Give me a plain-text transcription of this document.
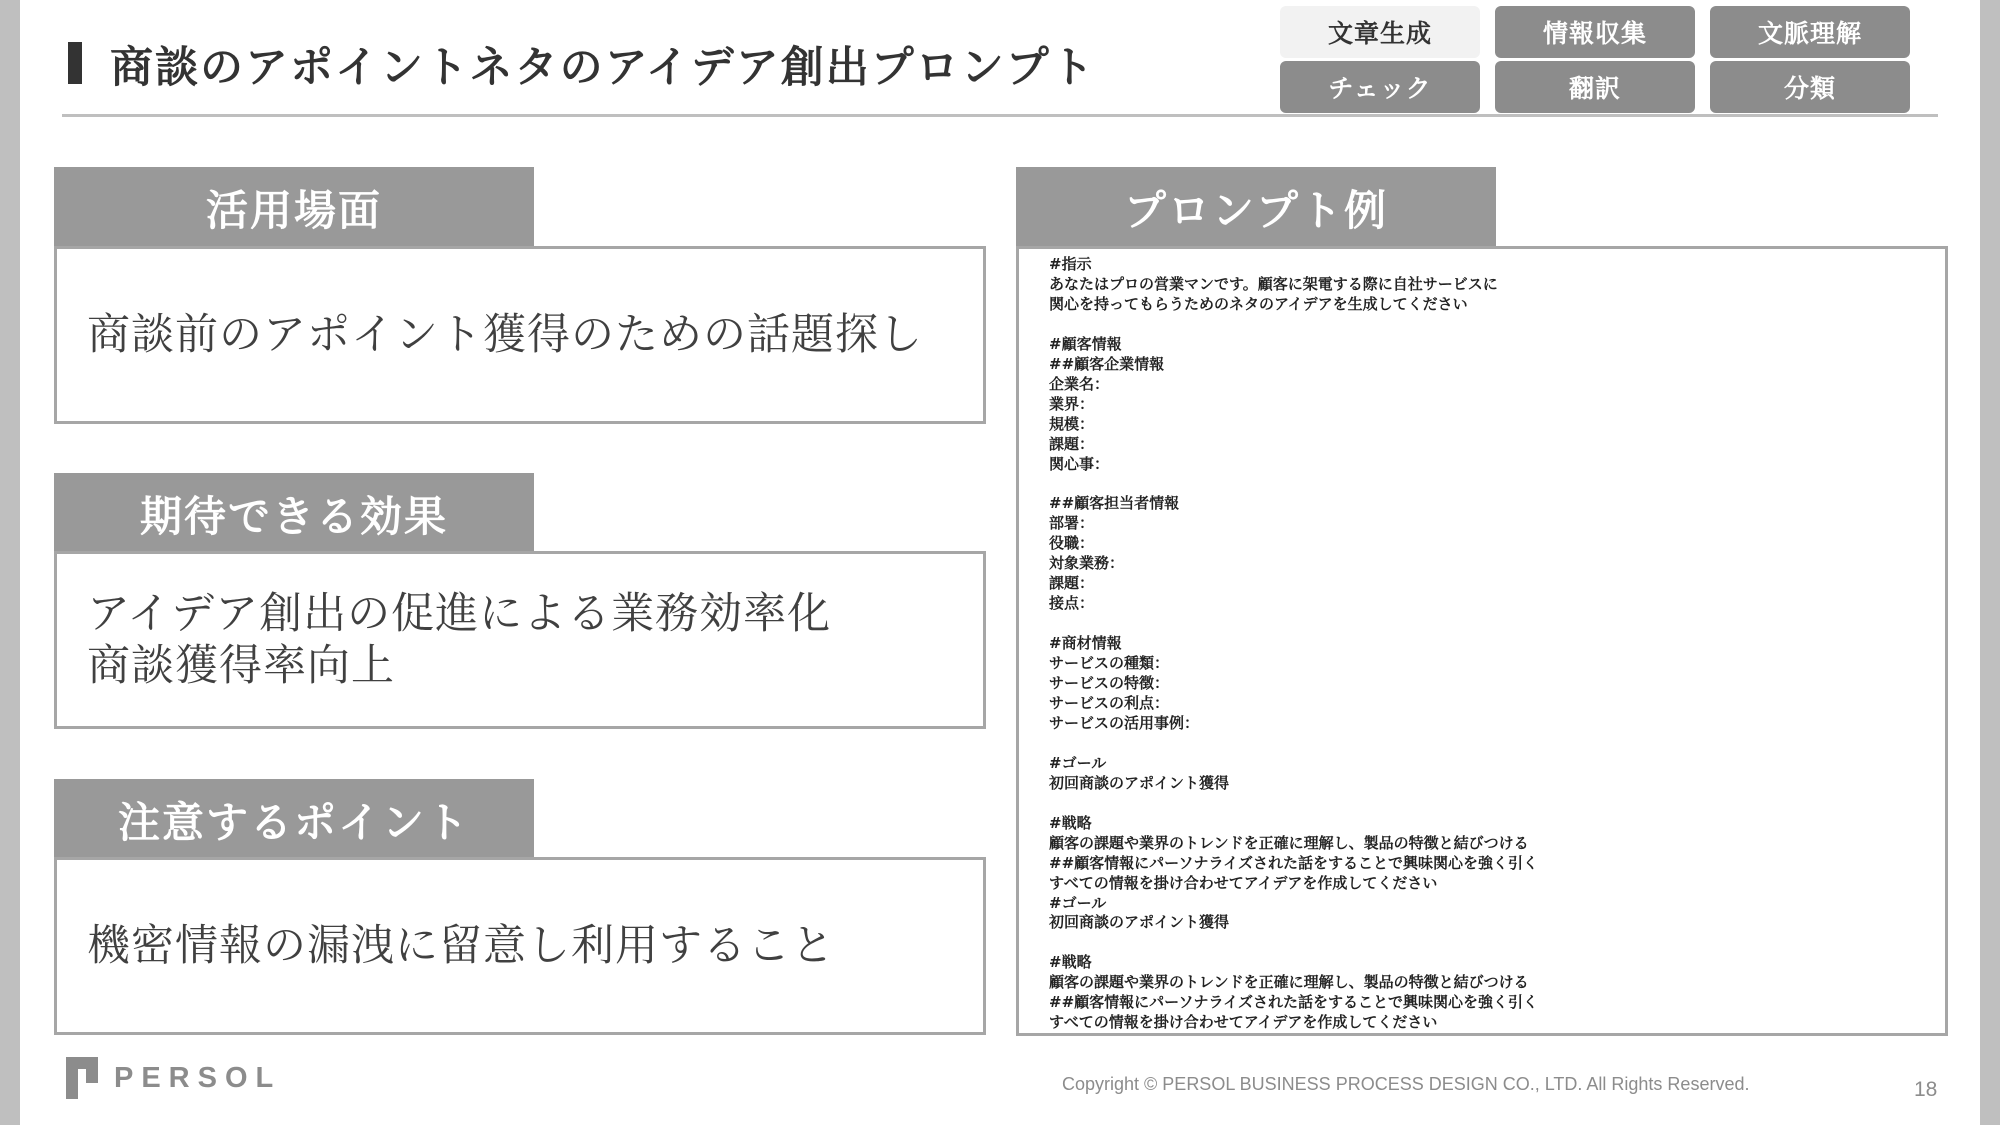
商談のアポイントネタのアイデア創出プロンプト
文章生成	情報収集	文脈理解
チェック	翻訳	分類
活用場面
商談前のアポイント獲得のための話題探し
期待できる効果
アイデア創出の促進による業務効率化
商談獲得率向上
注意するポイント
機密情報の漏洩に留意し利用すること
プロンプト例
#指示
あなたはプロの営業マンです。顧客に架電する際に自社サービスに
関心を持ってもらうためのネタのアイデアを生成してください

#顧客情報
##顧客企業情報
企業名：
業界：
規模：
課題：
関心事：

##顧客担当者情報
部署：
役職：
対象業務：
課題：
接点：

#商材情報
サービスの種類：
サービスの特徴：
サービスの利点：
サービスの活用事例：

#ゴール
初回商談のアポイント獲得

#戦略
顧客の課題や業界のトレンドを正確に理解し、製品の特徴と結びつける
##顧客情報にパーソナライズされた話をすることで興味関心を強く引く
すべての情報を掛け合わせてアイデアを作成してください
#ゴール
初回商談のアポイント獲得

#戦略
顧客の課題や業界のトレンドを正確に理解し、製品の特徴と結びつける
##顧客情報にパーソナライズされた話をすることで興味関心を強く引く
すべての情報を掛け合わせてアイデアを作成してください
PERSOL	Copyright © PERSOL BUSINESS PROCESS DESIGN CO., LTD. All Rights Reserved.	18
